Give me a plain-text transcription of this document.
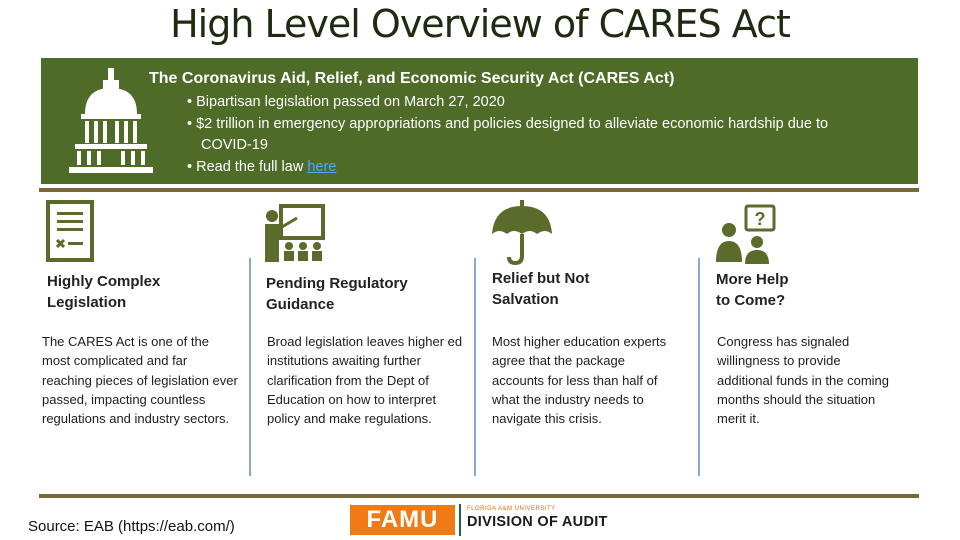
High Level Overview of CARES Act
The Coronavirus Aid, Relief, and Economic Security Act (CARES Act)
• Bipartisan legislation passed on March 27, 2020
• $2 trillion in emergency appropriations and policies designed to alleviate economic hardship due to COVID-19
• Read the full law here
?
Highly Complex Legislation
Pending Regulatory Guidance
Relief but Not Salvation
More Help to Come?
The CARES Act is one of the most complicated and far reaching pieces of legislation ever passed, impacting countless regulations and industry sectors.
Broad legislation leaves higher ed institutions awaiting further clarification from the Dept of Education on how to interpret policy and make regulations.
Most higher education experts agree that the package accounts for less than half of what the industry needs to navigate this crisis.
Congress has signaled willingness to provide additional funds in the coming months should the situation merit it.
Source: EAB (https://eab.com/)	FAMU	FLORIDA A&M UNIVERSITY
DIVISION OF AUDIT
